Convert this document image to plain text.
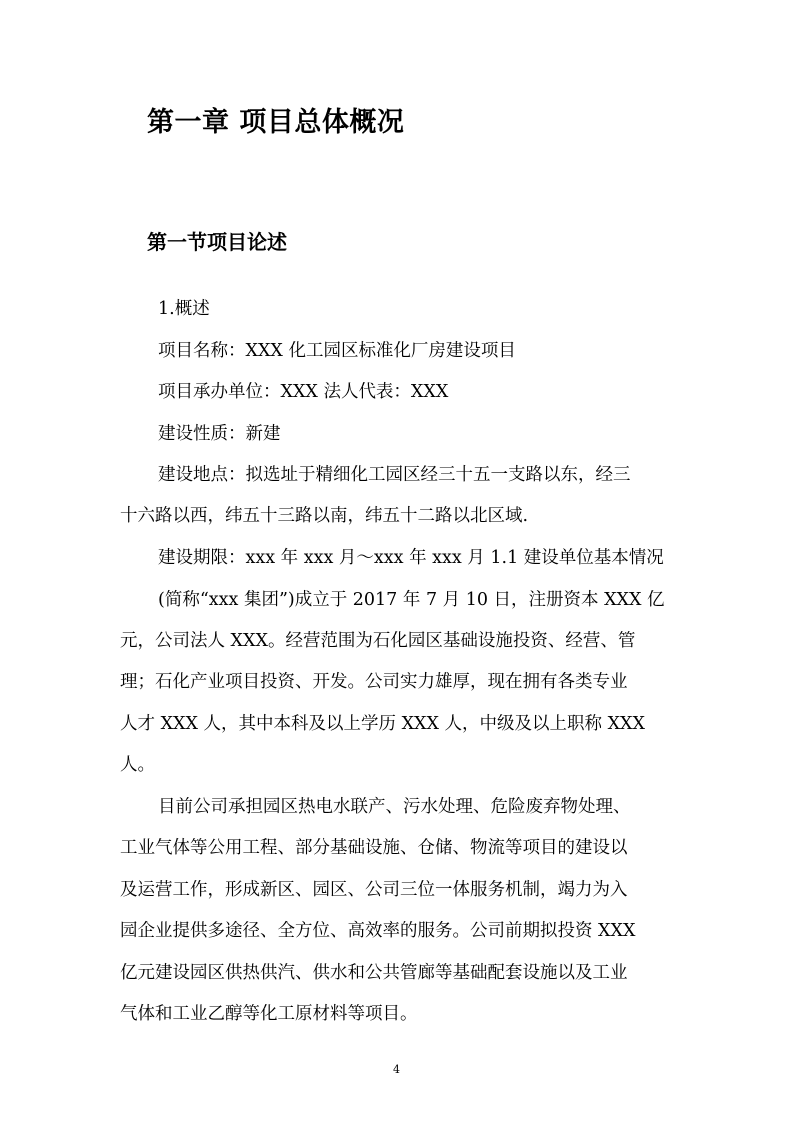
第一章 项目总体概况
第一节项目论述
1.概述
项目名称：XXX 化工园区标准化厂房建设项目
项目承办单位：XXX 法人代表：XXX
建设性质：新建
建设地点：拟选址于精细化工园区经三十五一支路以东，经三
十六路以西，纬五十三路以南，纬五十二路以北区域.
建设期限：xxx 年 xxx 月～xxx 年 xxx 月 1.1 建设单位基本情况
(简称“xxx 集团”)成立于 2017 年 7 月 10 日，注册资本 XXX 亿
元，公司法人 XXX。经营范围为石化园区基础设施投资、经营、管
理；石化产业项目投资、开发。公司实力雄厚，现在拥有各类专业
人才 XXX 人，其中本科及以上学历 XXX 人，中级及以上职称 XXX
人。
目前公司承担园区热电水联产、污水处理、危险废弃物处理、
工业气体等公用工程、部分基础设施、仓储、物流等项目的建设以
及运营工作，形成新区、园区、公司三位一体服务机制，竭力为入
园企业提供多途径、全方位、高效率的服务。公司前期拟投资 XXX
亿元建设园区供热供汽、供水和公共管廊等基础配套设施以及工业
气体和工业乙醇等化工原材料等项目。
4
